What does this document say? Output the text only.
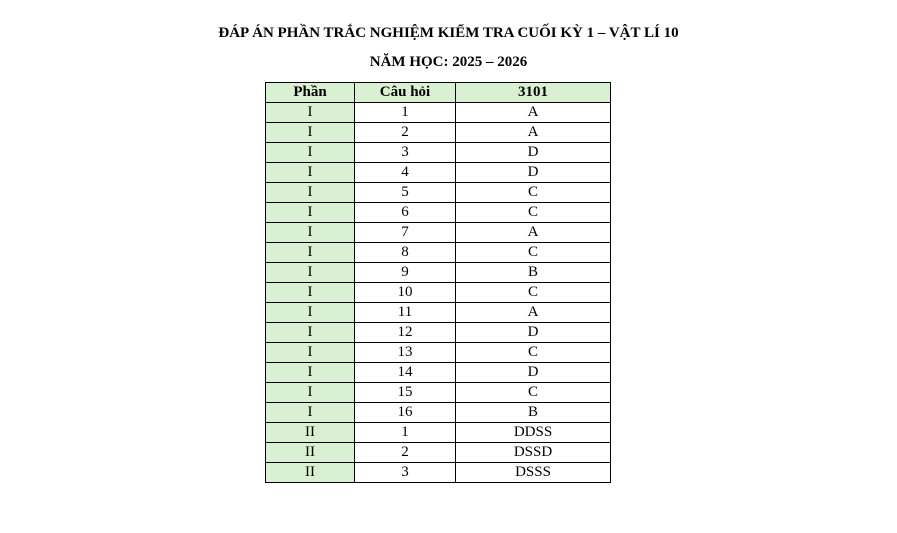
ĐÁP ÁN PHẦN TRẮC NGHIỆM KIỂM TRA CUỐI KỲ 1 – VẬT LÍ 10
NĂM HỌC: 2025 – 2026
Phần	Câu hỏi	3101
I	1	A
I	2	A
I	3	D
I	4	D
I	5	C
I	6	C
I	7	A
I	8	C
I	9	B
I	10	C
I	11	A
I	12	D
I	13	C
I	14	D
I	15	C
I	16	B
II	1	DDSS
II	2	DSSD
II	3	DSSS
